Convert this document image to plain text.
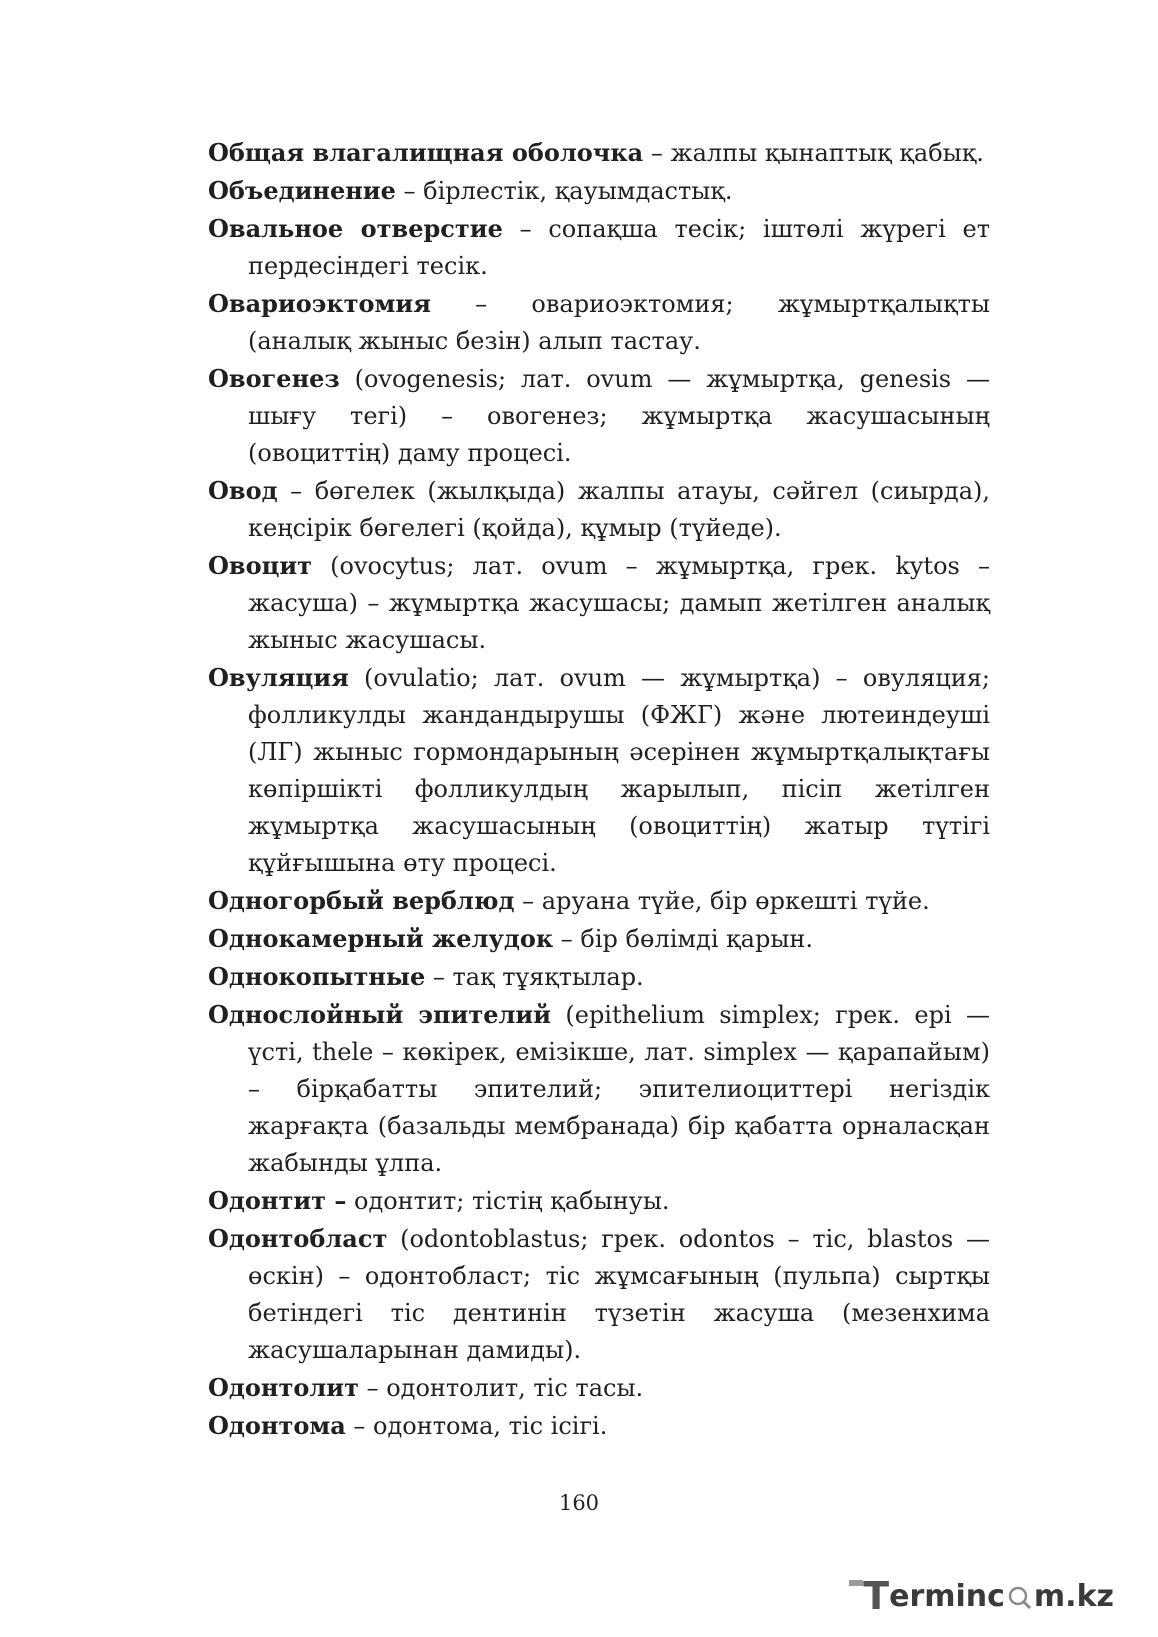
Общая влагалищная оболочка – жалпы қынаптық қабық.

Объединение – бірлестік, қауымдастық.

Овальное отверстие – сопақша тесік; іштөлі жүрегі ет пердесіндегі тесік.

Овариоэктомия – овариоэктомия; жұмыртқалықты (аналық жыныс безін) алып тастау.

Овогенез (ovogenesis; лат. ovum — жұмыртқа, genesis — шығу тегі) – овогенез; жұмыртқа жасушасының (овоциттің) даму процесі.

Овод – бөгелек (жылқыда) жалпы атауы, сәйгел (сиырда), кеңсірік бөгелегі (қойда), құмыр (түйеде).

Овоцит (ovocytus; лат. ovum – жұмыртқа, грек. kytos – жасуша) – жұмыртқа жасушасы; дамып жетілген аналық жыныс жасушасы.

Овуляция (ovulatio; лат. ovum — жұмыртқа) – овуляция; фолликулды жандандырушы (ФЖГ) және лютеиндеуші (ЛГ) жыныс гормондарының әсерінен жұмыртқалықтағы көпіршікті фолликулдың жарылып, пісіп жетілген жұмыртқа жасушасының (овоциттің) жатыр түтігі құйғышына өту процесі.

Одногорбый верблюд – аруана түйе, бір өркешті түйе.

Однокамерный желудок – бір бөлімді қарын.

Однокопытные – тақ тұяқтылар.

Однослойный эпителий (epithelium simplex; грек. epi — үсті, thele – көкірек, емізікше, лат. simplex — қарапайым) – бірқабатты эпителий; эпителиоциттері негіздік жарғақта (базальды мембранада) бір қабатта орналасқан жабынды ұлпа.

Одонтит – одонтит; тістің қабынуы.

Одонтобласт (odontoblastus; грек. odontos – тіс, blastos — өскін) – одонтобласт; тіс жұмсағының (пульпа) сыртқы бетіндегі тіс дентинін түзетін жасуша (мезенхима жасушаларынан дамиды).

Одонтолит – одонтолит, тіс тасы.

Одонтома – одонтома, тіс ісігі.

160
T erminc m.kz
